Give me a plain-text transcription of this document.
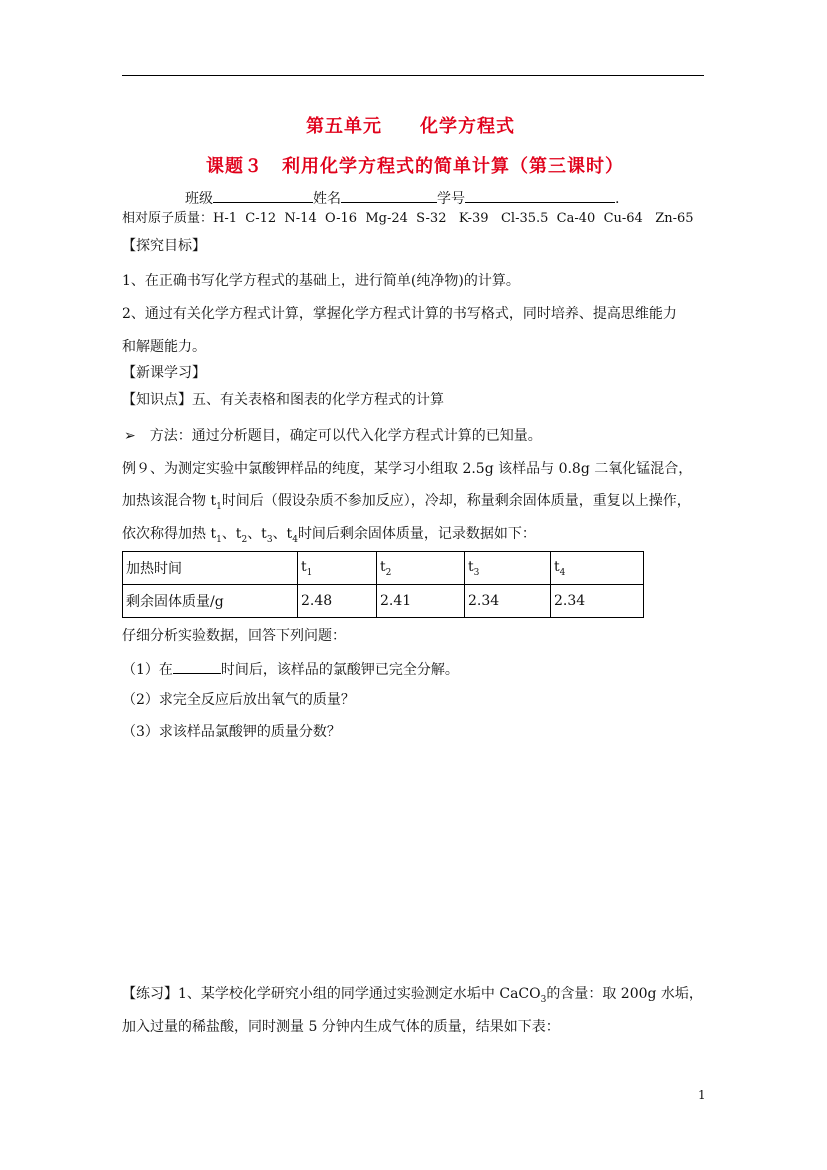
第五单元　　化学方程式
课题３　利用化学方程式的简单计算（第三课时）
班级	姓名	学号	.
相对原子质量：H-1  C-12  N-14  O-16  Mg-24  S-32   K-39   Cl-35.5  Ca-40  Cu-64   Zn-65
【探究目标】
1、在正确书写化学方程式的基础上，进行简单(纯净物)的计算。
2、通过有关化学方程式计算，掌握化学方程式计算的书写格式，同时培养、提高思维能力
和解题能力。
【新课学习】
【知识点】五、有关表格和图表的化学方程式的计算
➢ 方法：通过分析题目，确定可以代入化学方程式计算的已知量。
例９、为测定实验中氯酸钾样品的纯度，某学习小组取 2.5g 该样品与 0.8g 二氧化锰混合，
加热该混合物 $t_1$时间后（假设杂质不参加反应），冷却，称量剩余固体质量，重复以上操作，
依次称得加热 $t_1$、$t_2$、$t_3$、$t_4$时间后剩余固体质量，记录数据如下：
加热时间	$t_1$	$t_2$	$t_3$	$t_4$
剩余固体质量/g	2.48	2.41	2.34	2.34
仔细分析实验数据，回答下列问题：
（1）在	时间后，该样品的氯酸钾已完全分解。
（2）求完全反应后放出氧气的质量？
（3）求该样品氯酸钾的质量分数？
【练习】1、某学校化学研究小组的同学通过实验测定水垢中 CaCO$_3$的含量：取 200g 水垢，
加入过量的稀盐酸，同时测量 5 分钟内生成气体的质量，结果如下表：
1
